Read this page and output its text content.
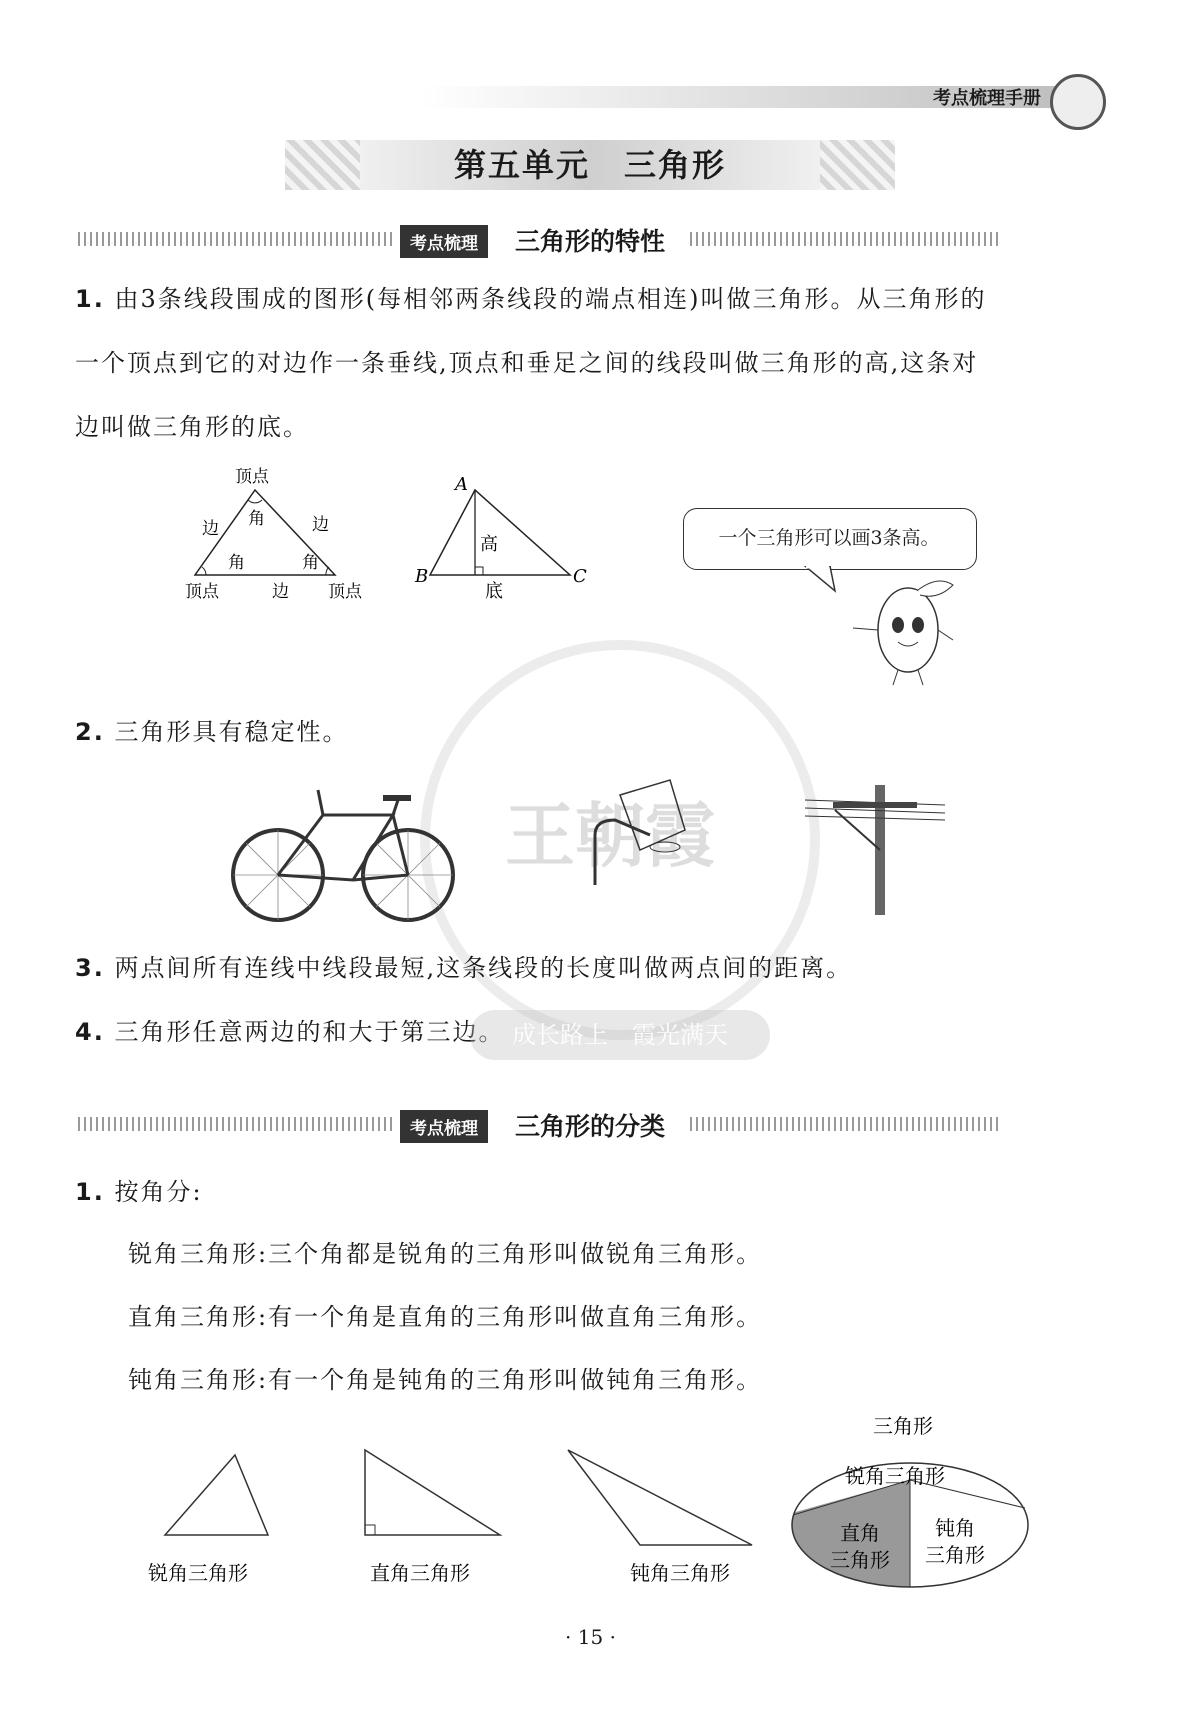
考点梳理手册
第五单元　三角形
考点梳理	三角形的特性
1. 由3条线段围成的图形(每相邻两条线段的端点相连)叫做三角形。从三角形的一个顶点到它的对边作一条垂线,顶点和垂足之间的线段叫做三角形的高,这条对边叫做三角形的底。
顶点
角
边	边
角	角
顶点	边 顶点
A
B	C
高
底
一个三角形可以画3条高。
2. 三角形具有稳定性。
王朝霞
3. 两点间所有连线中线段最短,这条线段的长度叫做两点间的距离。
4. 三角形任意两边的和大于第三边。 成长路上　霞光满天
考点梳理	三角形的分类
1. 按角分:
锐角三角形:三个角都是锐角的三角形叫做锐角三角形。
直角三角形:有一个角是直角的三角形叫做直角三角形。
钝角三角形:有一个角是钝角的三角形叫做钝角三角形。
锐角三角形	直角三角形	钝角三角形
三角形
锐角三角形
直角
三角形
钝角
三角形
· 15 ·
